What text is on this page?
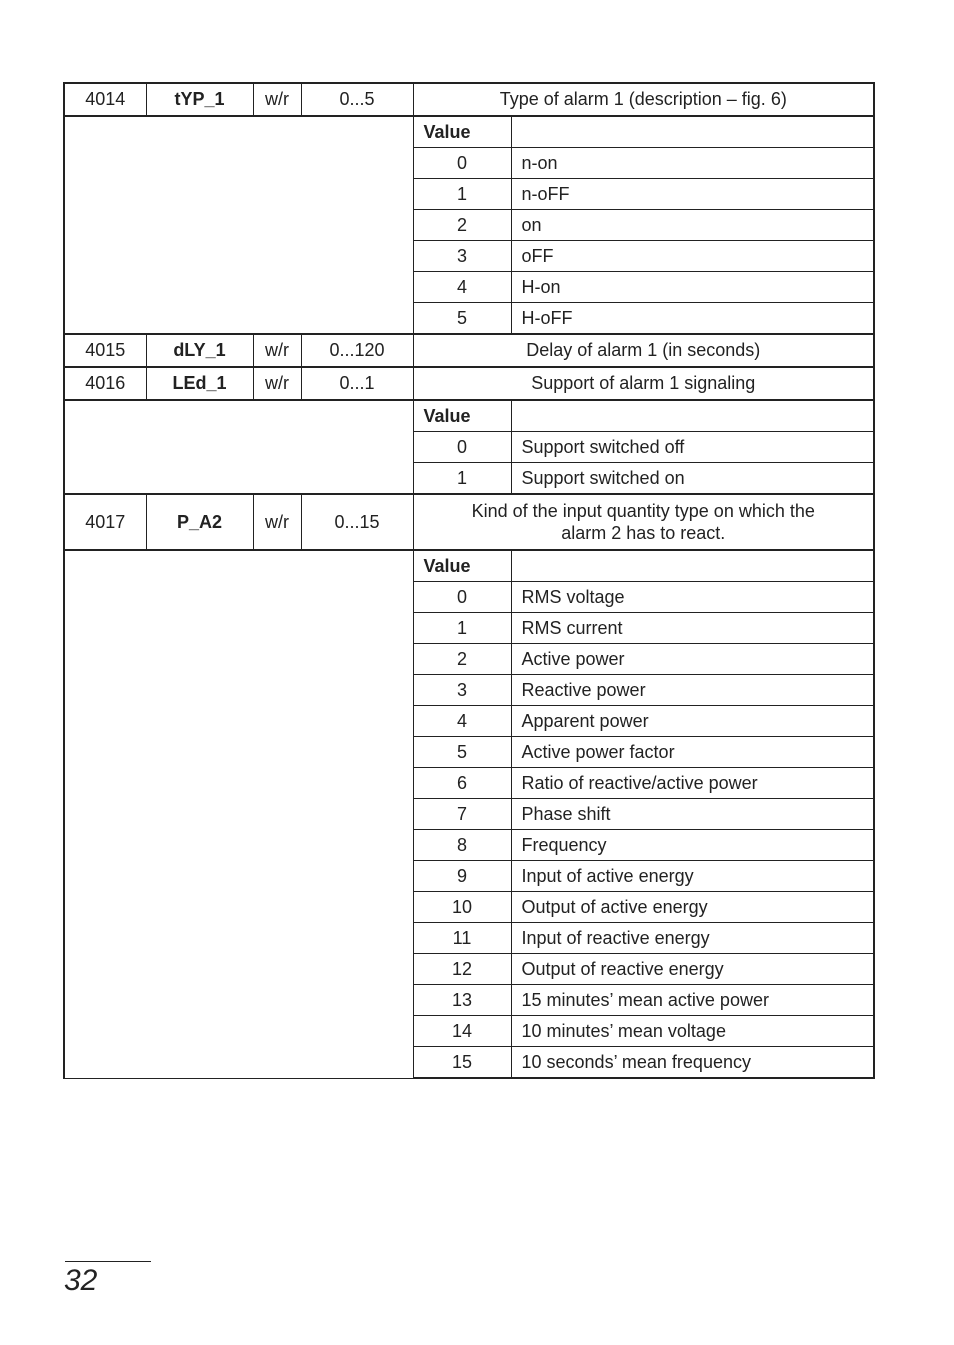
4014	tYP_1	w/r	0...5	Type of alarm 1 (description – fig. 6)	
				Value	
				0	n-on
				1	n-oFF
				2	on
				3	oFF
				4	H-on
				5	H-oFF
4015	dLY_1	w/r	0...120	Delay of alarm 1 (in seconds)	
4016	LEd_1	w/r	0...1	Support of alarm 1 signaling	
				Value	
				0	Support switched off
				1	Support switched on
4017	P_A2	w/r	0...15	Kind of the input quantity type on which the alarm 2 has to react.	
				Value	
				0	RMS voltage
				1	RMS current
				2	Active power
				3	Reactive power
				4	Apparent power
				5	Active power factor
				6	Ratio of reactive/active power
				7	Phase shift
				8	Frequency
				9	Input of active energy
				10	Output of active energy
				11	Input of reactive energy
				12	Output of reactive energy
				13	15 minutes’ mean active power
				14	10 minutes’ mean voltage
				15	10 seconds’ mean frequency
32
